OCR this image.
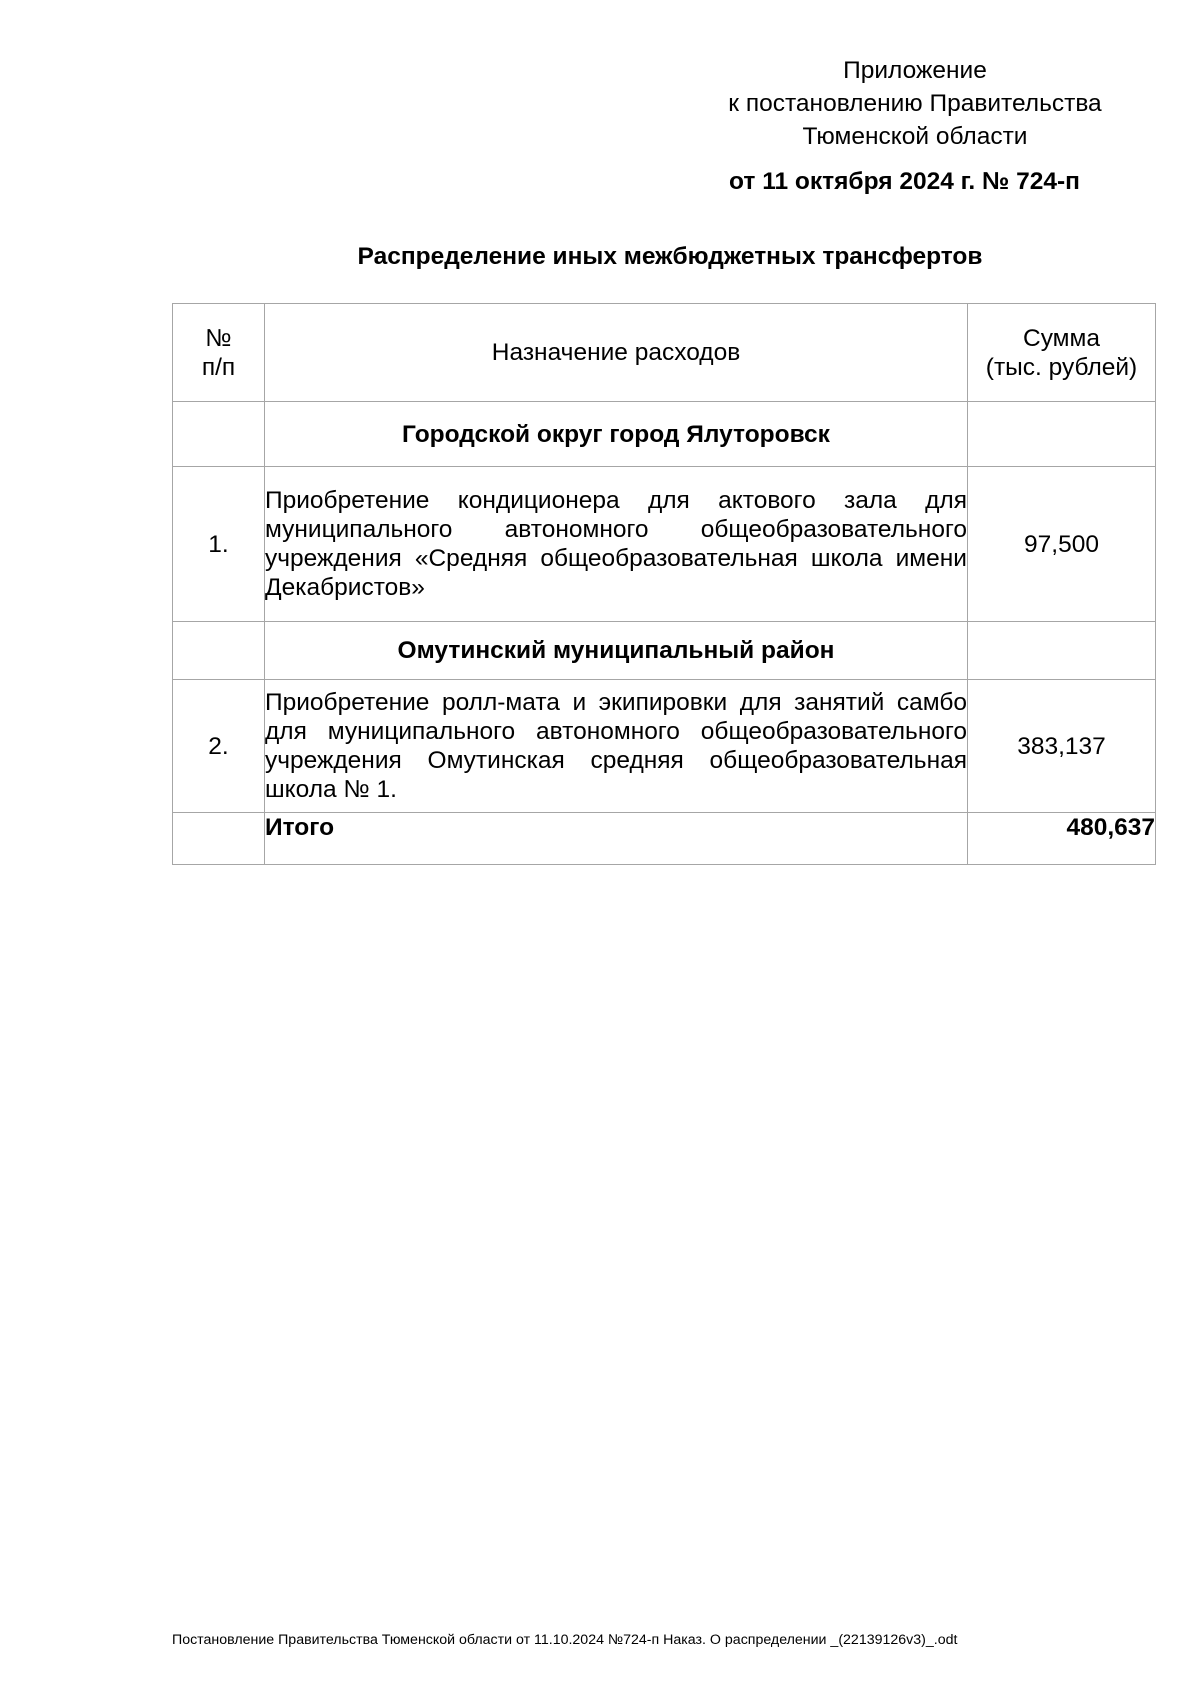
Приложение
к постановлению Правительства
Тюменской области
от 11 октября 2024 г. № 724-п
Распределение иных межбюджетных трансфертов
№ п/п	Назначение расходов	Сумма
(тыс. рублей)

	Городской округ город Ялуторовск	
1.	Приобретение кондиционера для актового зала для муниципального автономного общеобразовательного учреждения «Средняя общеобразовательная школа имени Декабристов»	97,500
	Омутинский муниципальный район	
2.	Приобретение ролл-мата и экипировки для занятий самбо для муниципального автономного общеобразовательного учреждения Омутинская средняя общеобразовательная школа № 1.	383,137
	Итого	480,637
Постановление Правительства Тюменской области от 11.10.2024 №724-п Наказ. О распределении _(22139126v3)_.odt
